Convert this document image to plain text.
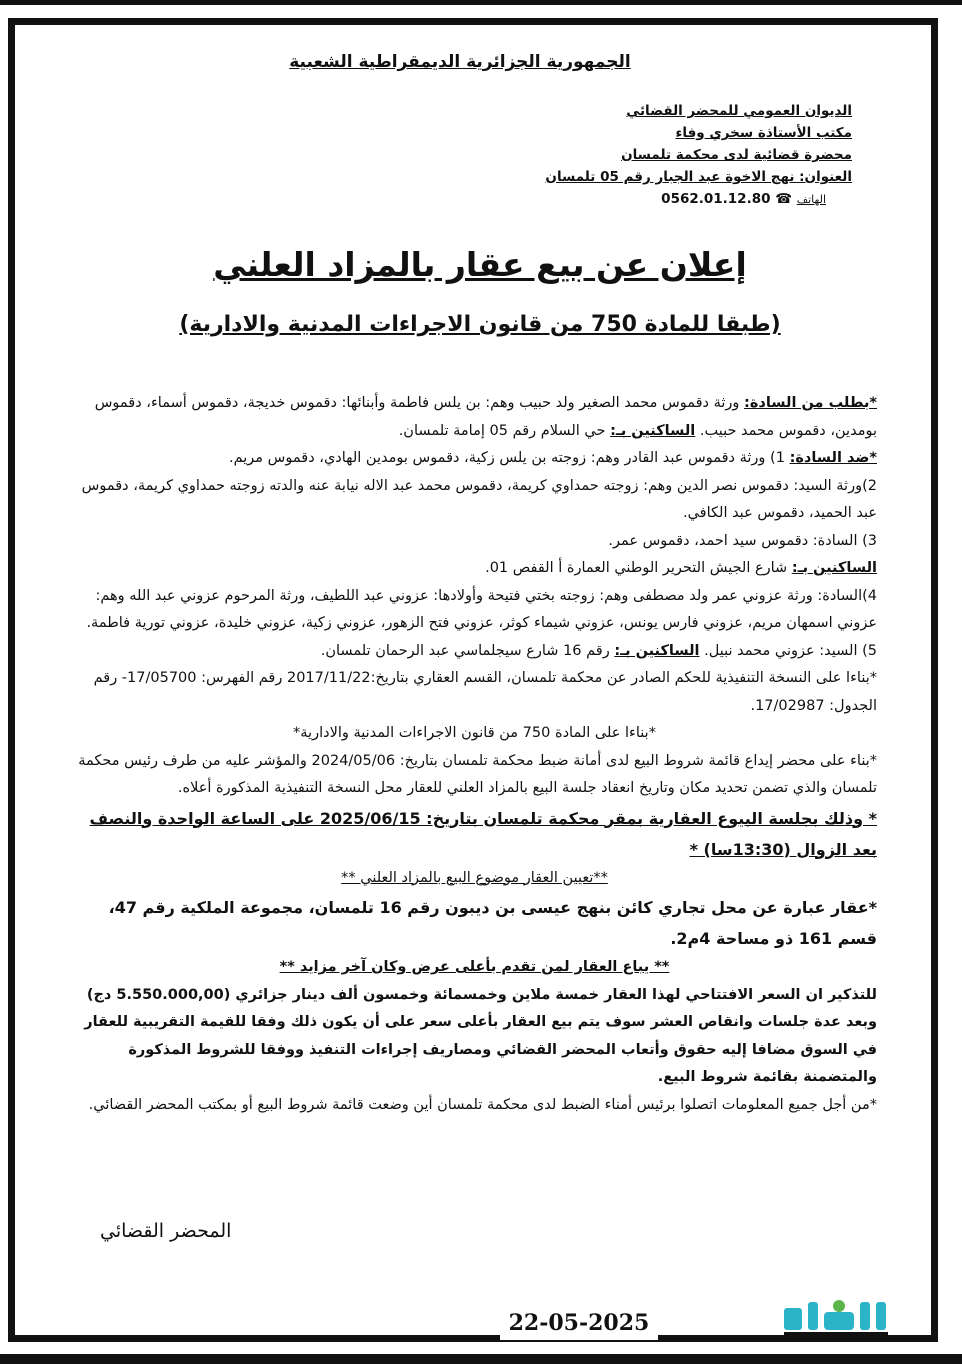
الجمهورية الجزائرية الديمقراطية الشعبية
الديوان العمومي للمحضر القضائي
مكتب الأستاذة سخري وفاء
محضرة قضائية لدى محكمة تلمسان
العنوان: نهج الاخوة عبد الجبار رقم 05 تلمسان
الهاتف ☎ 0562.01.12.80
إعلان عن بيع عقار بالمزاد العلني
(طبقا للمادة 750 من قانون الاجراءات المدنية والادارية)

*بطلب من السادة: ورثة دقموس محمد الصغير ولد حبيب وهم: بن يلس فاطمة وأبنائها: دقموس خديجة، دقموس أسماء، دقموس بومدين، دقموس محمد حبيب. الساكنين بـ: حي السلام رقم 05 إمامة تلمسان.

*ضد السادة: 1) ورثة دقموس عبد القادر وهم: زوجته بن يلس زكية، دقموس بومدين الهادي، دقموس مريم.

2)ورثة السيد: دقموس نصر الدين وهم: زوجته حمداوي كريمة، دقموس محمد عبد الاله نيابة عنه والدته زوجته حمداوي كريمة، دقموس عبد الحميد، دقموس عبد الكافي.

3) السادة: دقموس سيد احمد، دقموس عمر.

الساكنين بـ: شارع الجيش التحرير الوطني العمارة أ القفص 01.

4)السادة: ورثة عزوني عمر ولد مصطفى وهم: زوجته بختي فتيحة وأولادها: عزوني عبد اللطيف، ورثة المرحوم عزوني عبد الله وهم: عزوني اسمهان مريم، عزوني فارس يونس، عزوني شيماء كوثر، عزوني فتح الزهور، عزوني زكية، عزوني خليدة، عزوني تورية فاطمة.

5) السيد: عزوني محمد نبيل. الساكنين بـ: رقم 16 شارع سيجلماسي عبد الرحمان تلمسان.

*بناءا على النسخة التنفيذية للحكم الصادر عن محكمة تلمسان، القسم العقاري بتاريخ:2017/11/22 رقم الفهرس: 17/05700- رقم الجدول: 17/02987.

*بناءا على المادة 750 من قانون الاجراءات المدنية والادارية*

*بناء على محضر إيداع قائمة شروط البيع لدى أمانة ضبط محكمة تلمسان بتاريخ: 2024/05/06 والمؤشر عليه من طرف رئيس محكمة تلمسان والذي تضمن تحديد مكان وتاريخ انعقاد جلسة البيع بالمزاد العلني للعقار محل النسخة التنفيذية المذكورة أعلاه.

* وذلك بجلسة البيوع العقارية بمقر محكمة تلمسان بتاريخ: 2025/06/15 على الساعة الواحدة والنصف بعد الزوال (13:30سا) *

**تعيين العقار موضوع البيع بالمزاد العلني **

*عقار عبارة عن محل تجاري كائن بنهج عيسى بن ديبون رقم 16 تلمسان، مجموعة الملكية رقم 47، قسم 161 ذو مساحة 4م2.

** يباع العقار لمن تقدم بأعلى عرض وكان آخر مزايد **

للتذكير ان السعر الافتتاحي لهذا العقار خمسة ملاين وخمسمائة وخمسون ألف دينار جزائري (5.550.000,00 دج) وبعد عدة جلسات وانقاص العشر سوف يتم بيع العقار بأعلى سعر على أن يكون ذلك وفقا للقيمة التقريبية للعقار في السوق مضافا إليه حقوق وأتعاب المحضر القضائي ومصاريف إجراءات التنفيذ ووفقا للشروط المذكورة والمتضمنة بقائمة شروط البيع.

*من أجل جميع المعلومات اتصلوا برئيس أمناء الضبط لدى محكمة تلمسان أين وضعت قائمة شروط البيع أو بمكتب المحضر القضائي.

المحضر القضائي
22-05-2025
